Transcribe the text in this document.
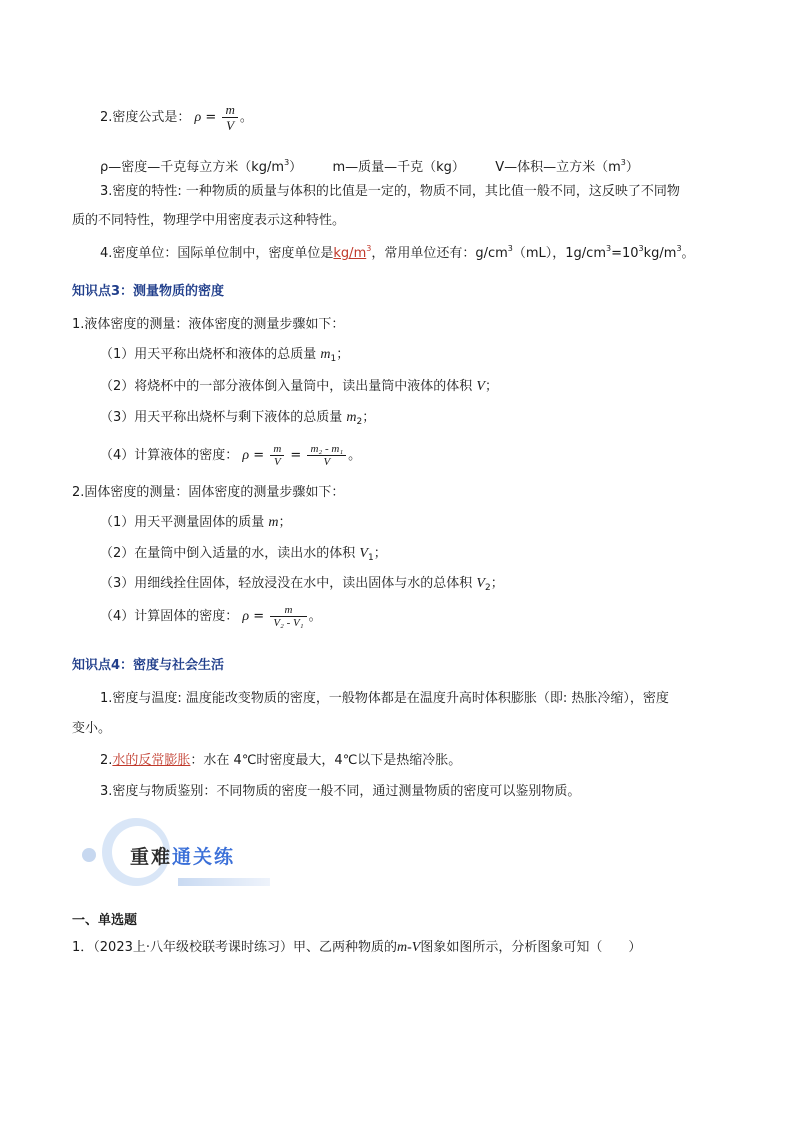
2.密度公式是： $\rho = \frac{m}{V}$ 。
ρ—密度—千克每立方米$(kg/m^3)$ m—质量—千克（kg） V—体积—立方米$(m^3)$
3.密度的特性: 一种物质的质量与体积的比值是一定的，物质不同，其比值一般不同，这反映了不同物
质的不同特性，物理学中用密度表示这种特性。
4.密度单位：国际单位制中，密度单位是$kg/m^3$，常用单位还有：$g/cm^3(mL)$，$1g/cm^3=10^3kg/m^3$。
知识点3：测量物质的密度
1.液体密度的测量：液体密度的测量步骤如下：
（1）用天平称出烧杯和液体的总质量 $m_1$；
（2）将烧杯中的一部分液体倒入量筒中，读出量筒中液体的体积 V；
（3）用天平称出烧杯与剩下液体的总质量 $m_2$；
（4）计算液体的密度： $\rho = \frac{m}{V} = \frac{\text{m₂ - m₁}}{V}$ 。
2.固体密度的测量：固体密度的测量步骤如下：
（1）用天平测量固体的质量 m；
（2）在量筒中倒入适量的水，读出水的体积 $V_1$；
（3）用细线拴住固体，轻放浸没在水中，读出固体与水的总体积 $V_2$；
（4）计算固体的密度： $\rho = \frac{m}{\text{V₂ - V₁}}$ 。
知识点4：密度与社会生活
1.密度与温度: 温度能改变物质的密度，一般物体都是在温度升高时体积膨胀（即: 热胀冷缩），密度
变小。
2.水的反常膨胀：水在 4℃时密度最大，4℃以下是热缩冷胀。
3.密度与物质鉴别：不同物质的密度一般不同，通过测量物质的密度可以鉴别物质。
重难通关练
一、单选题
1．（2023上·八年级校联考课时练习）甲、乙两种物质的m-V图象如图所示，分析图象可知（　　）
